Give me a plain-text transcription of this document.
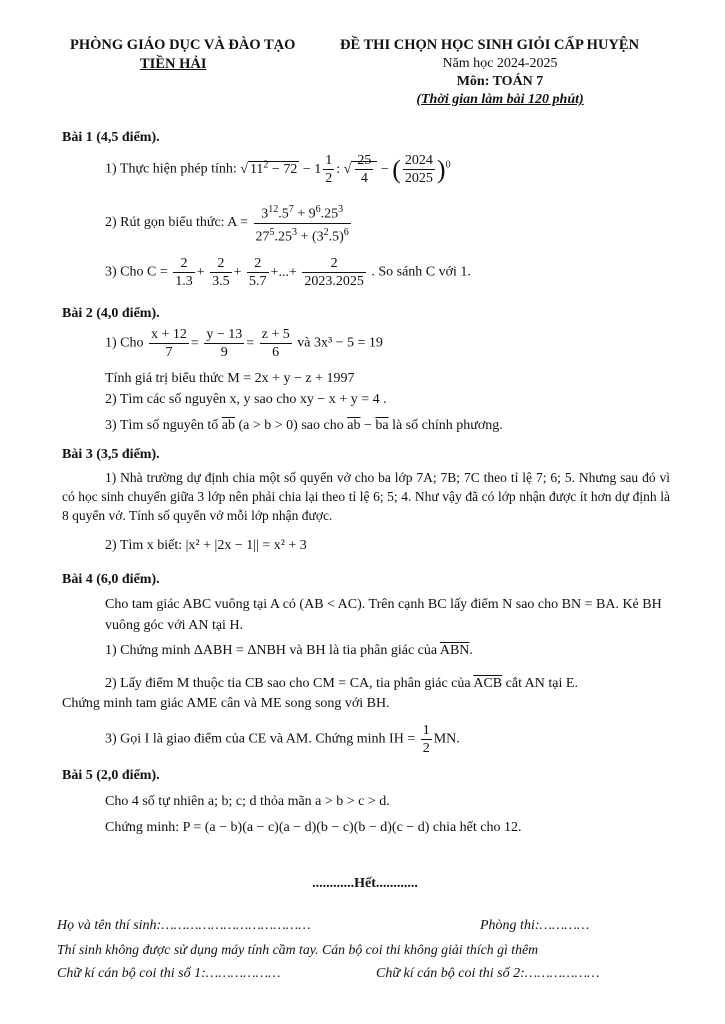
PHÒNG GIÁO DỤC VÀ ĐÀO TẠO
TIỀN HẢI
ĐỀ THI CHỌN HỌC SINH GIỎI CẤP HUYỆN
Năm học 2024-2025
Môn: TOÁN 7
(Thời gian làm bài 120 phút)
Bài 1 (4,5 điểm).
1) Thực hiện phép tính: √ $11^2 - 72 - 1 \frac{1}{2}$ : √ $\frac{25}{4}$ − ( $\frac{2024}{2025} )^0$
2) Rút gọn biểu thức: $A = \frac{3^{12}.5^7 + 9^6.25^3}{27^5.25^3 + (3^2.5)^6}$
3) Cho $C = \frac{2}{1.3} + \frac{2}{3.5} + \frac{2}{5.7}$ +...+ $\frac{2}{2023.2025}$ . So sánh C với 1.
Bài 2 (4,0 điểm).
1) Cho $\frac{x + 12}{7} = \frac{y - 13}{9} = \frac{z + 5}{6}$ và 3x³ − 5 = 19
Tính giá trị biểu thức M = 2x + y − z + 1997
2) Tìm các số nguyên x, y sao cho xy − x + y = 4 .
3) Tìm số nguyên tố $\overline{ab}$ (a > b > 0) sao cho $\overline{ab} - \overline{ba}$ là số chính phương.
Bài 3 (3,5 điểm).
1) Nhà trường dự định chia một số quyển vở cho ba lớp 7A; 7B; 7C theo tỉ lệ 7; 6; 5. Nhưng sau đó vì có học sinh chuyển giữa 3 lớp nên phải chia lại theo tỉ lệ 6; 5; 4. Như vậy đã có lớp nhận được ít hơn dự định là 8 quyển vở. Tính số quyển vở mỗi lớp nhận được.
2) Tìm x biết: |x² + |2x − 1|| = x² + 3
Bài 4 (6,0 điểm).
Cho tam giác ABC vuông tại A có (AB < AC). Trên cạnh BC lấy điểm N sao cho BN = BA. Kẻ BH vuông góc với AN tại H.
1) Chứng minh ΔABH = ΔNBH và BH là tia phân giác của $\overline{ABN}$.
2) Lấy điểm M thuộc tia CB sao cho CM = CA, tia phân giác của $\overline{ACB}$ cắt AN tại E.
Chứng minh tam giác AME cân và ME song song với BH.
3) Gọi I là giao điểm của CE và AM. Chứng minh IH = $\frac{1}{2}$ MN.
Bài 5 (2,0 điểm).
Cho 4 số tự nhiên a; b; c; d thỏa mãn a > b > c > d.
Chứng minh: P = (a − b)(a − c)(a − d)(b − c)(b − d)(c − d) chia hết cho 12.
............Hết............
Họ và tên thí sinh:………………………………	Phòng thi:…………
Thí sinh không được sử dụng máy tính cầm tay. Cán bộ coi thi không giải thích gì thêm
Chữ kí cán bộ coi thi số 1:………………	Chữ kí cán bộ coi thi số 2:………………
